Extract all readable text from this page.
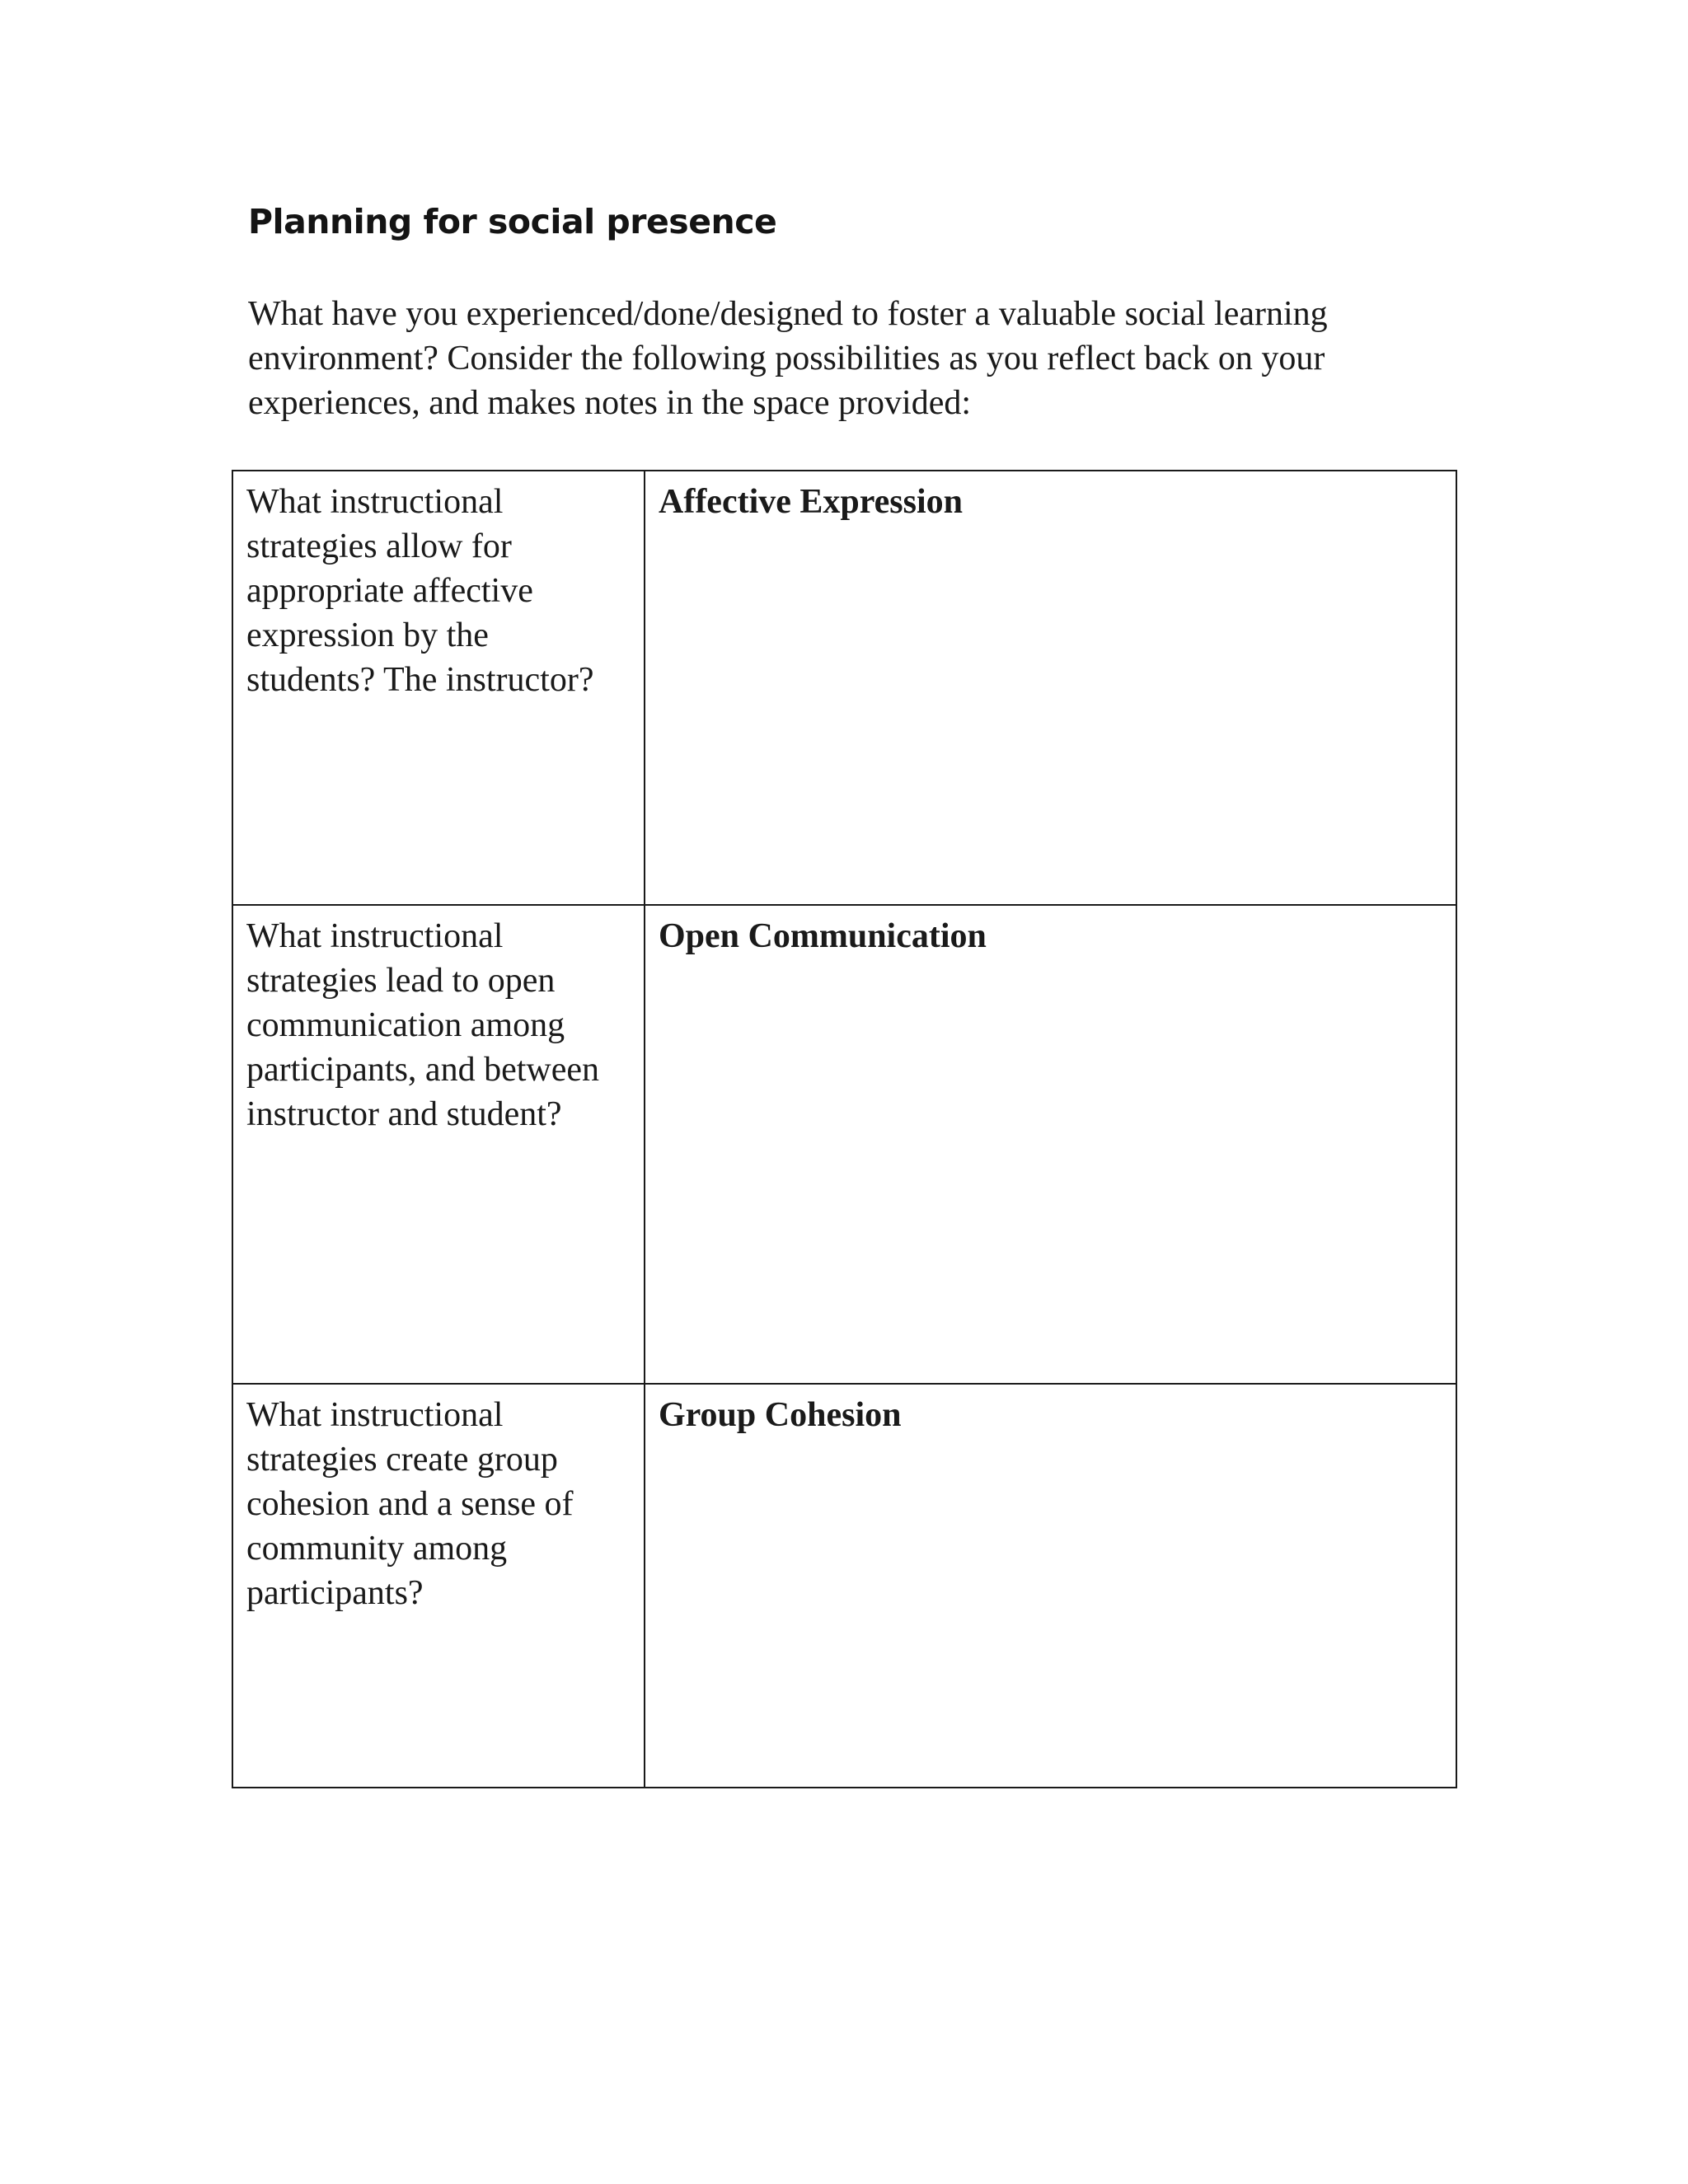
Planning for social presence

What have you experienced/done/designed to foster a valuable social learning
environment? Consider the following possibilities as you reflect back on your
experiences, and makes notes in the space provided:

What instructional
strategies allow for
appropriate affective
expression by the
students? The instructor?	Affective Expression

What instructional
strategies lead to open
communication among
participants, and between
instructor and student?	Open Communication

What instructional
strategies create group
cohesion and a sense of
community among
participants?	Group Cohesion
